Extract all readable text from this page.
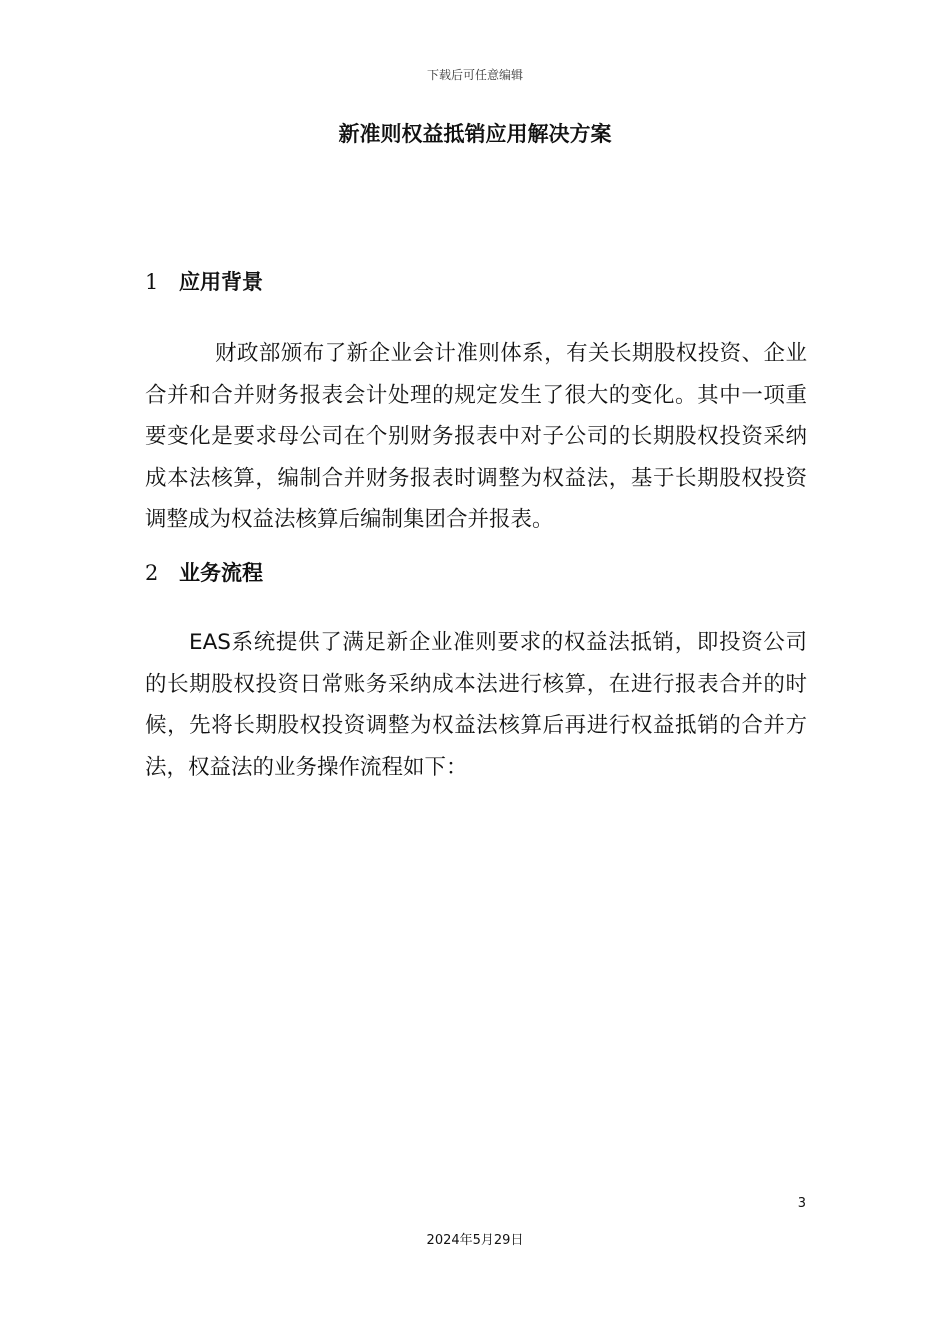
下载后可任意编辑
新准则权益抵销应用解决方案
1 应用背景
财政部颁布了新企业会计准则体系，有关长期股权投资、企业合并和合并财务报表会计处理的规定发生了很大的变化。其中一项重要变化是要求母公司在个别财务报表中对子公司的长期股权投资采纳成本法核算，编制合并财务报表时调整为权益法，基于长期股权投资调整成为权益法核算后编制集团合并报表。
2 业务流程
EAS系统提供了满足新企业准则要求的权益法抵销，即投资公司的长期股权投资日常账务采纳成本法进行核算，在进行报表合并的时候，先将长期股权投资调整为权益法核算后再进行权益抵销的合并方法，权益法的业务操作流程如下：
3
2024年5月29日
